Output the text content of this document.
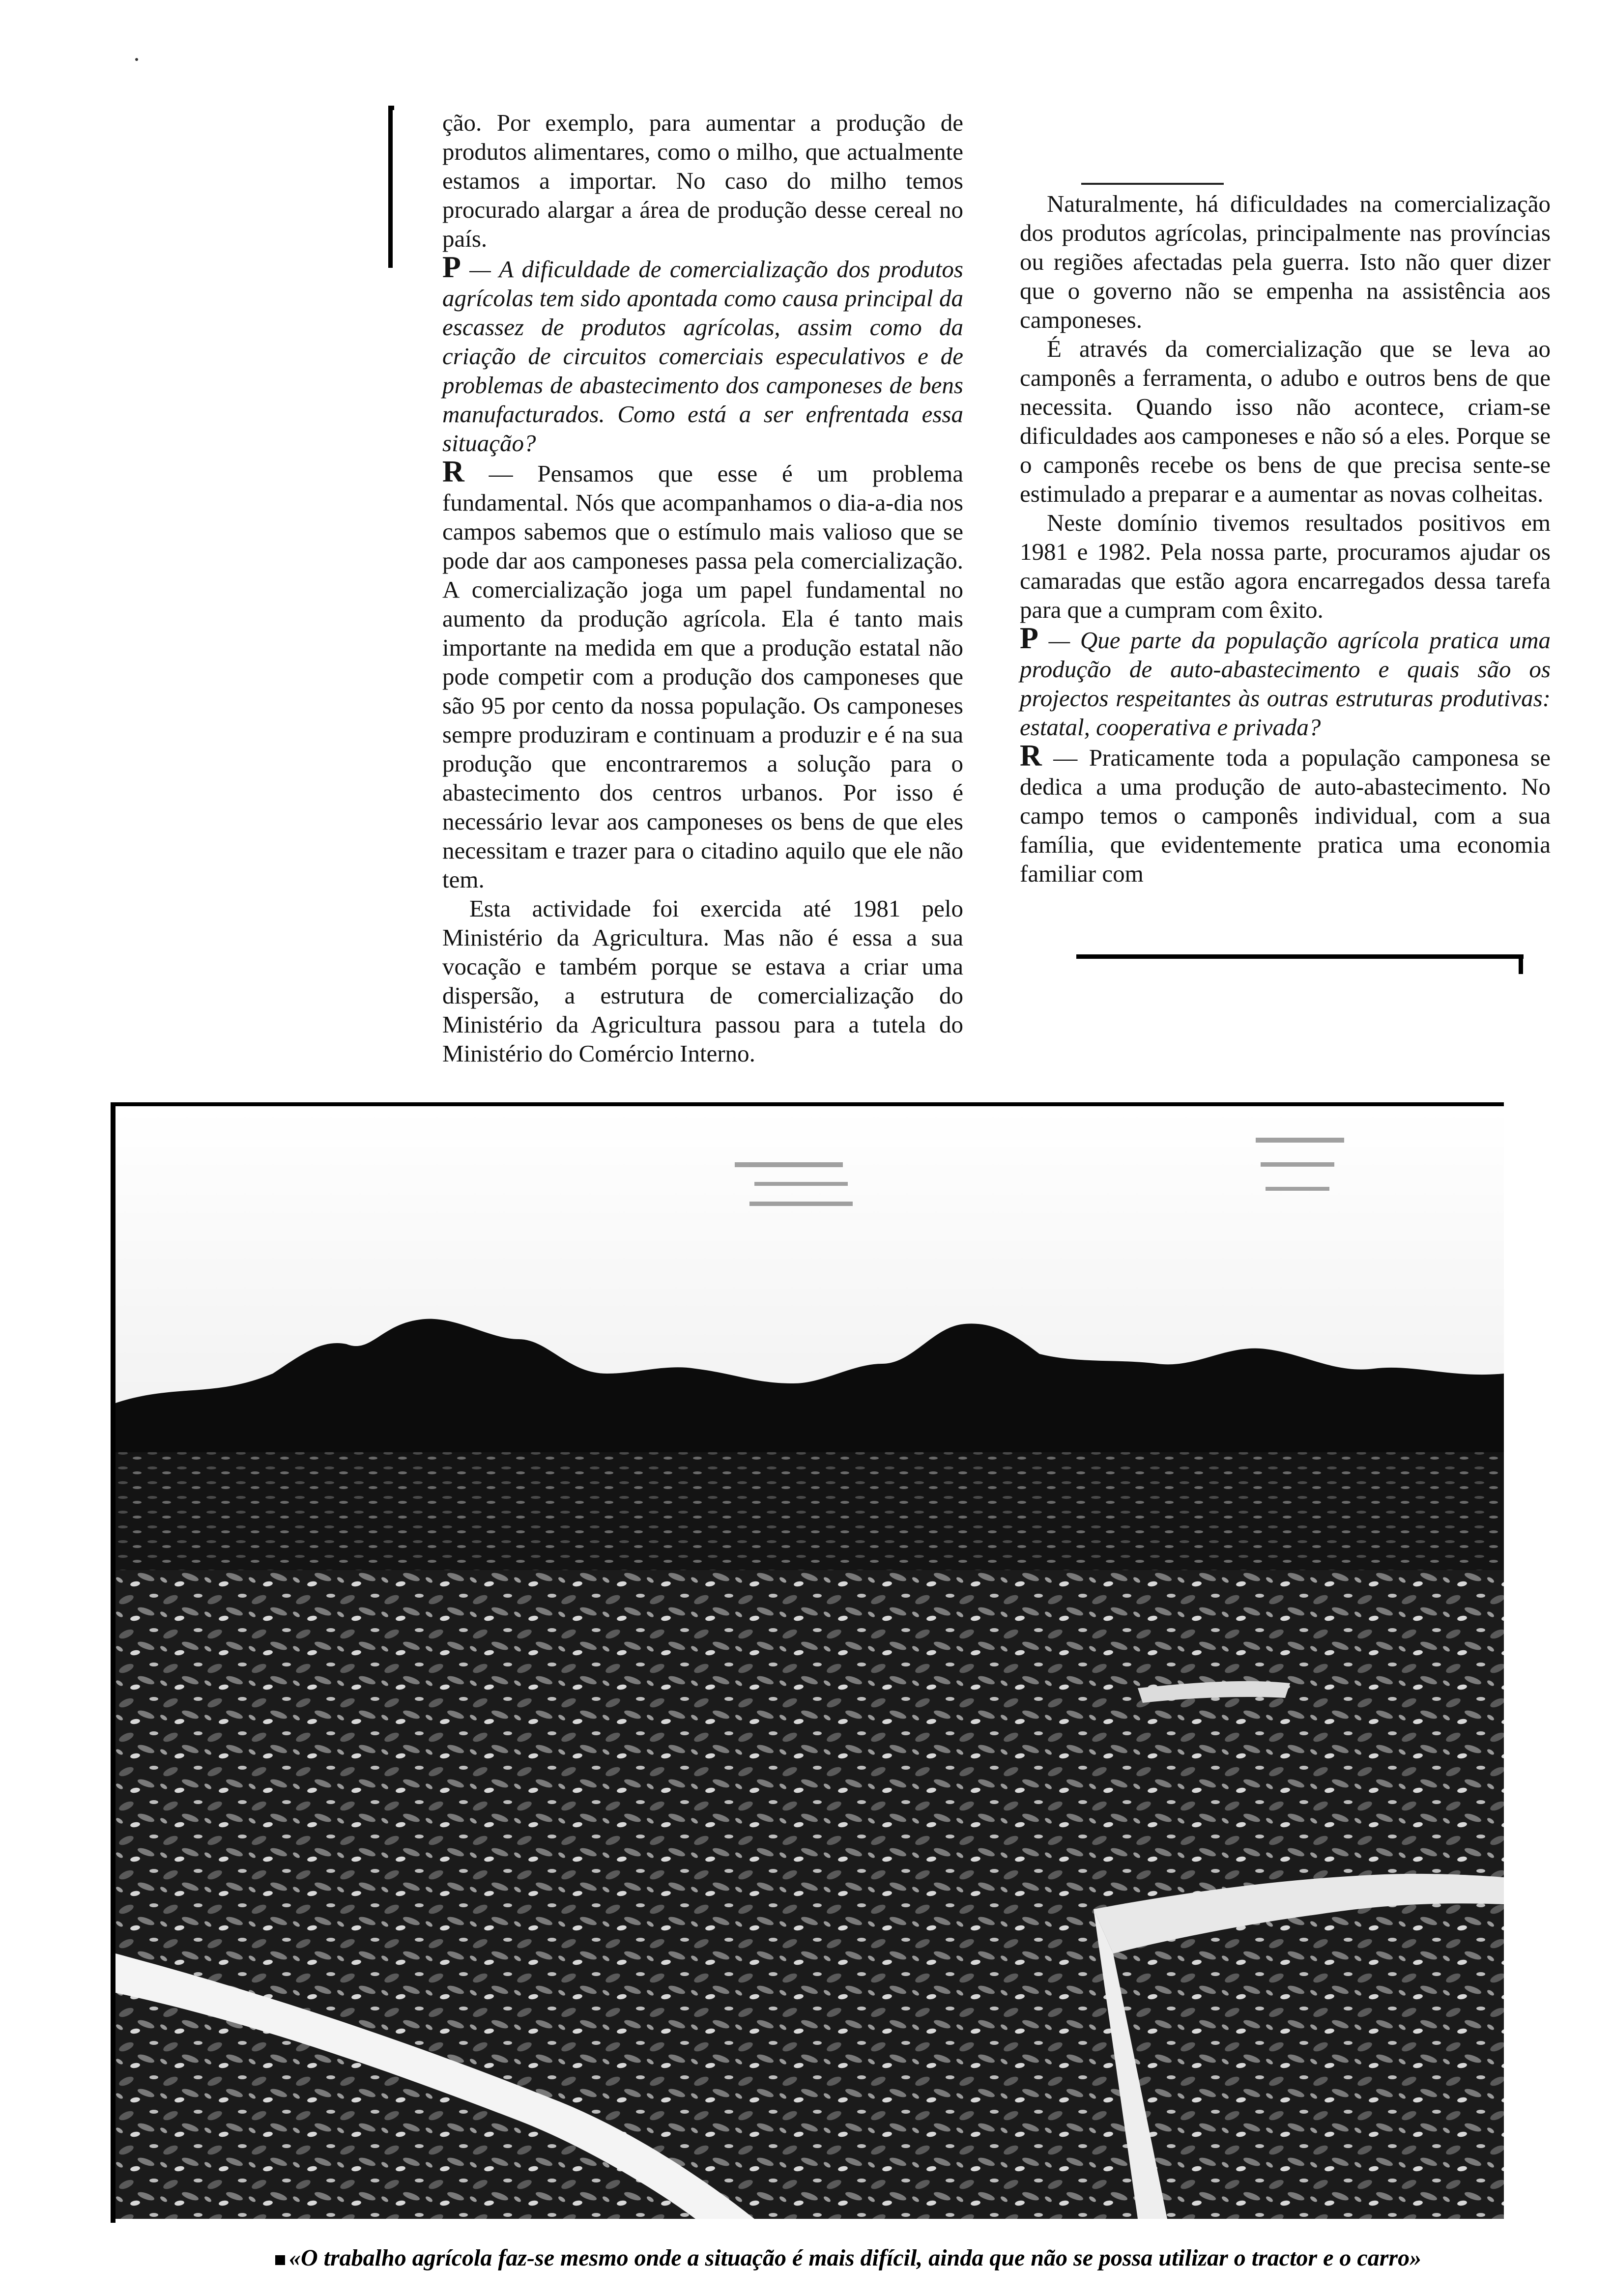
ção. Por exemplo, para aumentar a produção de produtos alimentares, como o milho, que actualmente estamos a importar. No caso do milho temos procurado alargar a área de produção desse cereal no país.

P — A dificuldade de comercialização dos produtos agrícolas tem sido apontada como causa principal da escassez de produtos agrícolas, assim como da criação de circuitos comerciais especulativos e de problemas de abastecimento dos camponeses de bens manufacturados. Como está a ser enfrentada essa situação?

R — Pensamos que esse é um problema fundamental. Nós que acompanhamos o dia-a-dia nos campos sabemos que o estímulo mais valioso que se pode dar aos camponeses passa pela comercialização. A comercialização joga um papel fundamental no aumento da produção agrícola. Ela é tanto mais importante na medida em que a produção estatal não pode competir com a produção dos camponeses que são 95 por cento da nossa população. Os camponeses sempre produziram e continuam a produzir e é na sua produção que encontraremos a solução para o abastecimento dos centros urbanos. Por isso é necessário levar aos camponeses os bens de que eles necessitam e trazer para o citadino aquilo que ele não tem.

Esta actividade foi exercida até 1981 pelo Ministério da Agricultura. Mas não é essa a sua vocação e também porque se estava a criar uma dispersão, a estrutura de comercialização do Ministério da Agricultura passou para a tutela do Ministério do Comércio Interno.

Naturalmente, há dificuldades na comercialização dos produtos agrícolas, principalmente nas províncias ou regiões afectadas pela guerra. Isto não quer dizer que o governo não se empenha na assistência aos camponeses.

É através da comercialização que se leva ao camponês a ferramenta, o adubo e outros bens de que necessita. Quando isso não acontece, criam-se dificuldades aos camponeses e não só a eles. Porque se o camponês recebe os bens de que precisa sente-se estimulado a preparar e a aumentar as novas colheitas.

Neste domínio tivemos resultados positivos em 1981 e 1982. Pela nossa parte, procuramos ajudar os camaradas que estão agora encarregados dessa tarefa para que a cumpram com êxito.

P — Que parte da população agrícola pratica uma produção de auto-abastecimento e quais são os projectos respeitantes às outras estruturas produtivas: estatal, cooperativa e privada?

R — Praticamente toda a população camponesa se dedica a uma produção de auto-abastecimento. No campo temos o camponês individual, com a sua família, que evidentemente pratica uma economia familiar com

«O trabalho agrícola faz-se mesmo onde a situação é mais difícil, ainda que não se possa utilizar o tractor e o carro»
